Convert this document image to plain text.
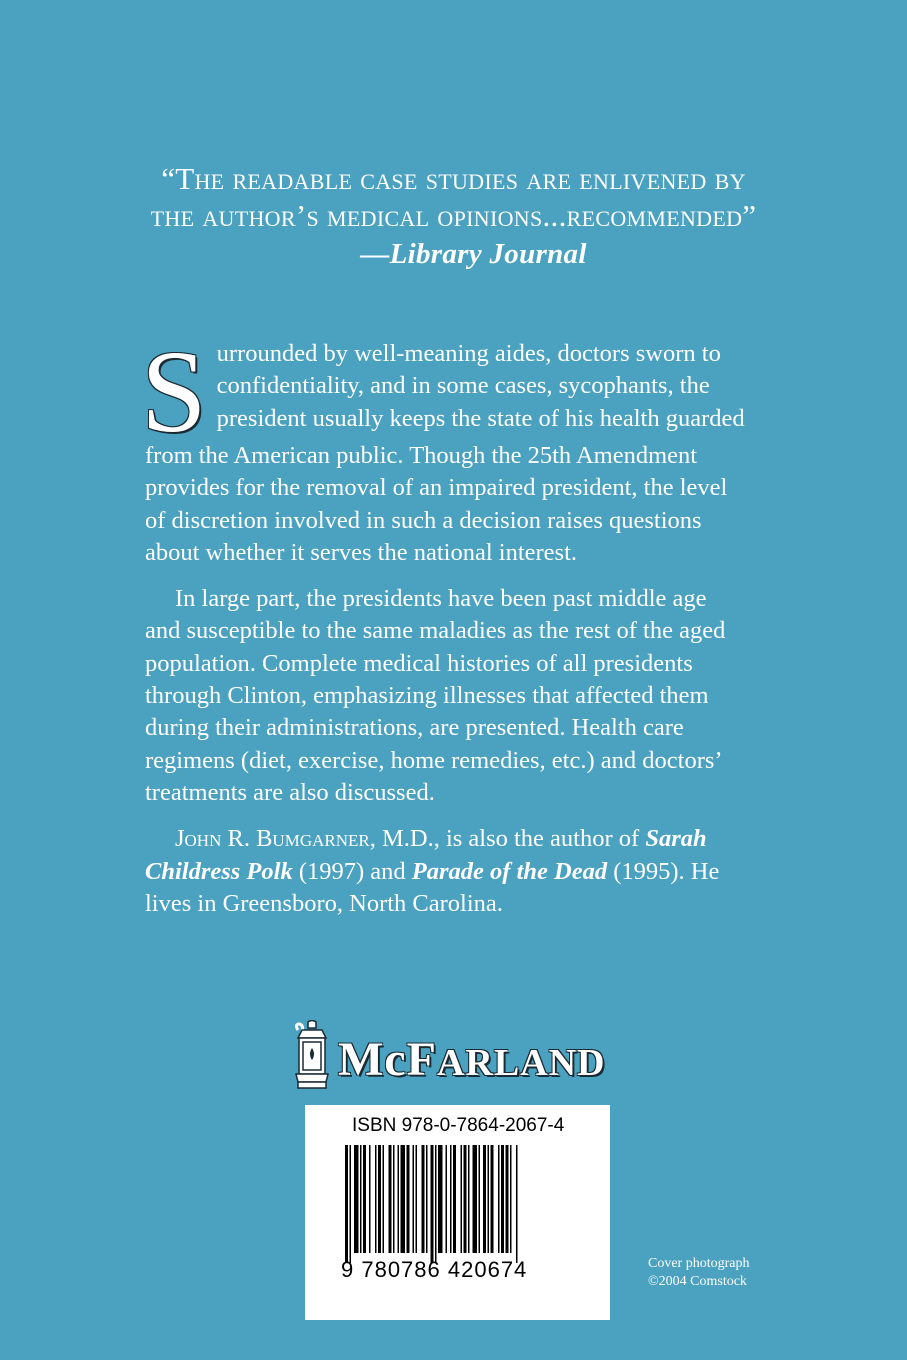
“The readable case studies are enlivened by
the author’s medical opinions...recommended”
—Library Journal
S urrounded by well-meaning aides, doctors sworn to

confidentiality, and in some cases, sycophants, the

president usually keeps the state of his health guarded

from the American public. Though the 25th Amendment

provides for the removal of an impaired president, the level

of discretion involved in such a decision raises questions

about whether it serves the national interest.

In large part, the presidents have been past middle age

and susceptible to the same maladies as the rest of the aged

population. Complete medical histories of all presidents

through Clinton, emphasizing illnesses that affected them

during their administrations, are presented. Health care

regimens (diet, exercise, home remedies, etc.) and doctors’

treatments are also discussed.

John R. Bumgarner, M.D., is also the author of Sarah

Childress Polk (1997) and Parade of the Dead (1995). He

lives in Greensboro, North Carolina.

McFARLAND
ISBN 978-0-7864-2067-4
9 780786 420674	Cover photograph
©2004 Comstock
